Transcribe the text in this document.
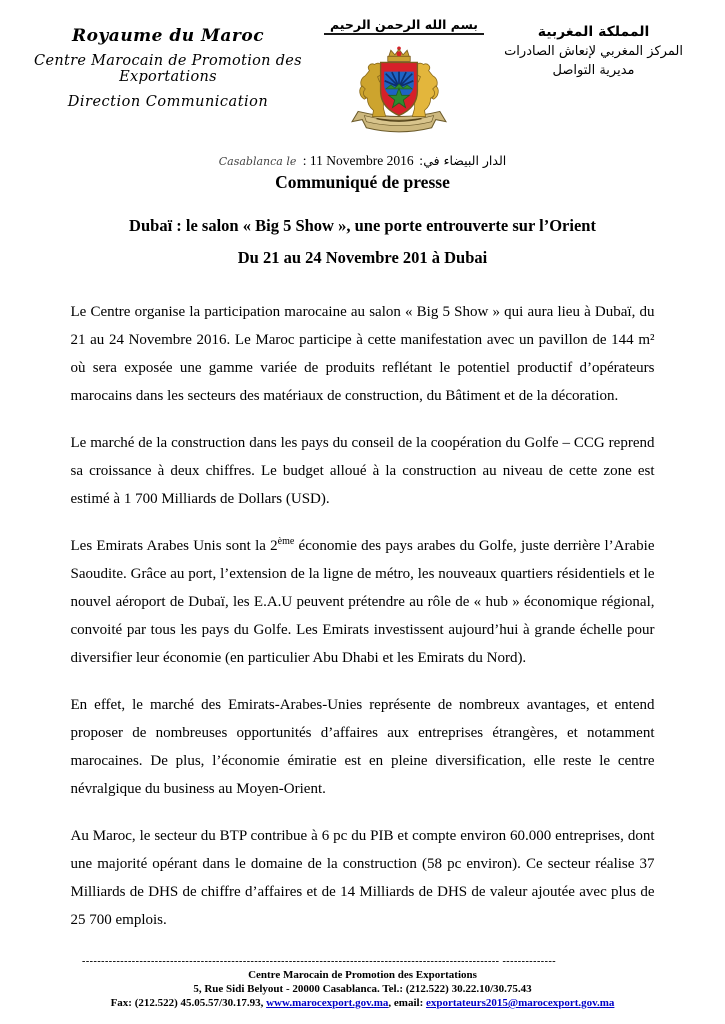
Royaume du Maroc
Centre Marocain de Promotion des Exportations
Direction Communication
بسم الله الرحمن الرحيم	المملكة المغربية
المركز المغربي لإنعاش الصادرات
مديرية التواصل
Casablanca le : 11 Novembre 2016 الدار البيضاء في:
Communiqué de presse
Dubaï : le salon « Big 5 Show », une porte entrouverte sur l’Orient
Du 21 au 24 Novembre 201 à Dubai

Le Centre organise la participation marocaine au salon « Big 5 Show » qui aura lieu à Dubaï, du 21 au 24 Novembre 2016. Le Maroc participe à cette manifestation avec un pavillon de 144 m² où sera exposée une gamme variée de produits reflétant le potentiel productif d’opérateurs marocains dans les secteurs des matériaux de construction, du Bâtiment et de la décoration.

Le marché de la construction dans les pays du conseil de la coopération du Golfe – CCG reprend sa croissance à deux chiffres. Le budget alloué à la construction au niveau de cette zone est estimé à 1 700 Milliards de Dollars (USD).

Les Emirats Arabes Unis sont la 2ème économie des pays arabes du Golfe, juste derrière l’Arabie Saoudite. Grâce au port, l’extension de la ligne de métro, les nouveaux quartiers résidentiels et le nouvel aéroport de Dubaï, les E.A.U peuvent prétendre au rôle de « hub » économique régional, convoité par tous les pays du Golfe. Les Emirats investissent aujourd’hui à grande échelle pour diversifier leur économie (en particulier Abu Dhabi et les Emirats du Nord).

En effet, le marché des Emirats-Arabes-Unies représente de nombreux avantages, et entend proposer de nombreuses opportunités d’affaires aux entreprises étrangères, et notamment marocaines. De plus, l’économie émiratie est en pleine diversification, elle reste le centre névralgique du business au Moyen-Orient.

Au Maroc, le secteur du BTP contribue à 6 pc du PIB et compte environ 60.000 entreprises, dont une majorité opérant dans le domaine de la construction (58 pc environ). Ce secteur réalise 37 Milliards de DHS de chiffre d’affaires et de 14 Milliards de DHS de valeur ajoutée avec plus de 25 700 emplois.

------------------------------------------------------------------------------------------------------------- --------------
Centre Marocain de Promotion des Exportations
5, Rue Sidi Belyout - 20000 Casablanca. Tel.: (212.522) 30.22.10/30.75.43
Fax: (212.522) 45.05.57/30.17.93, www.marocexport.gov.ma, email: exportateurs2015@marocexport.gov.ma
